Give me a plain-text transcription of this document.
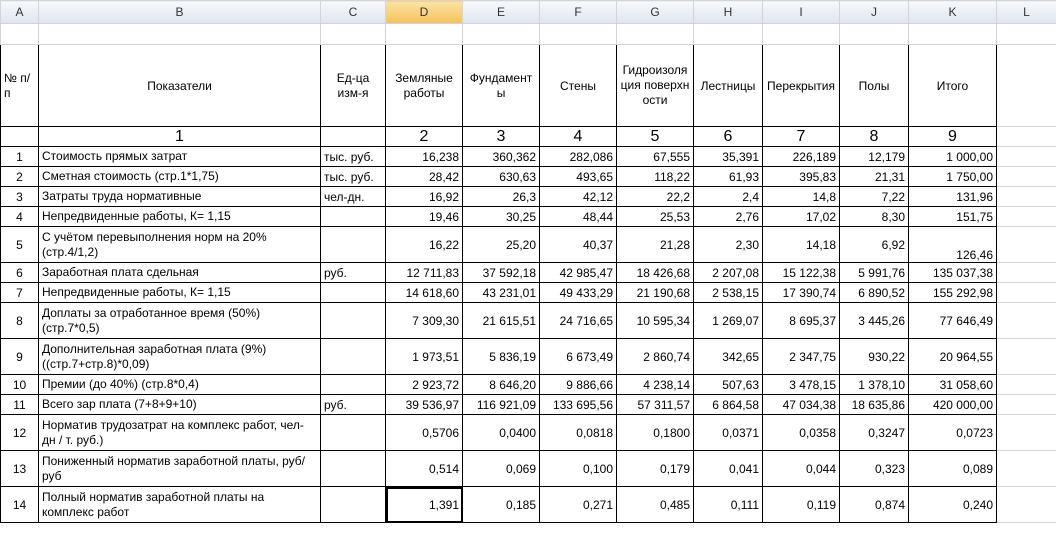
A	B	C	D	E	F	G	H	I	J	K	L

№ п/п	Показатели	Ед-ца изм-я	Земляные работы	Фундаменты	Стены	Гидроизоляция поверхности	Лестницы	Перекрытия	Полы	Итого	
	1		2	3	4	5	6	7	8	9	
1	Стоимость прямых затрат	тыс. руб.	16,238	360,362	282,086	67,555	35,391	226,189	12,179	1 000,00	
2	Сметная стоимость (стр.1*1,75)	тыс. руб.	28,42	630,63	493,65	118,22	61,93	395,83	21,31	1 750,00	
3	Затраты труда нормативные	чел-дн.	16,92	26,3	42,12	22,2	2,4	14,8	7,22	131,96	
4	Непредвиденные работы, К= 1,15		19,46	30,25	48,44	25,53	2,76	17,02	8,30	151,75	
5	С учётом перевыполнения норм на 20% (стр.4/1,2)		16,22	25,20	40,37	21,28	2,30	14,18	6,92	126,46	
6	Заработная плата сдельная	руб.	12 711,83	37 592,18	42 985,47	18 426,68	2 207,08	15 122,38	5 991,76	135 037,38	
7	Непредвиденные работы, К= 1,15		14 618,60	43 231,01	49 433,29	21 190,68	2 538,15	17 390,74	6 890,52	155 292,98	
8	Доплаты за отработанное время (50%) (стр.7*0,5)		7 309,30	21 615,51	24 716,65	10 595,34	1 269,07	8 695,37	3 445,26	77 646,49	
9	Дополнительная заработная плата (9%) ((стр.7+стр.8)*0,09)		1 973,51	5 836,19	6 673,49	2 860,74	342,65	2 347,75	930,22	20 964,55	
10	Премии (до 40%) (стр.8*0,4)		2 923,72	8 646,20	9 886,66	4 238,14	507,63	3 478,15	1 378,10	31 058,60	
11	Всего зар плата (7+8+9+10)	руб.	39 536,97	116 921,09	133 695,56	57 311,57	6 864,58	47 034,38	18 635,86	420 000,00	
12	Норматив трудозатрат на комплекс работ, чел-дн / т. руб.)		0,5706	0,0400	0,0818	0,1800	0,0371	0,0358	0,3247	0,0723	
13	Пониженный норматив заработной платы, руб/руб		0,514	0,069	0,100	0,179	0,041	0,044	0,323	0,089	
14	Полный норматив заработной платы на комплекс работ		1,391	0,185	0,271	0,485	0,111	0,119	0,874	0,240	
